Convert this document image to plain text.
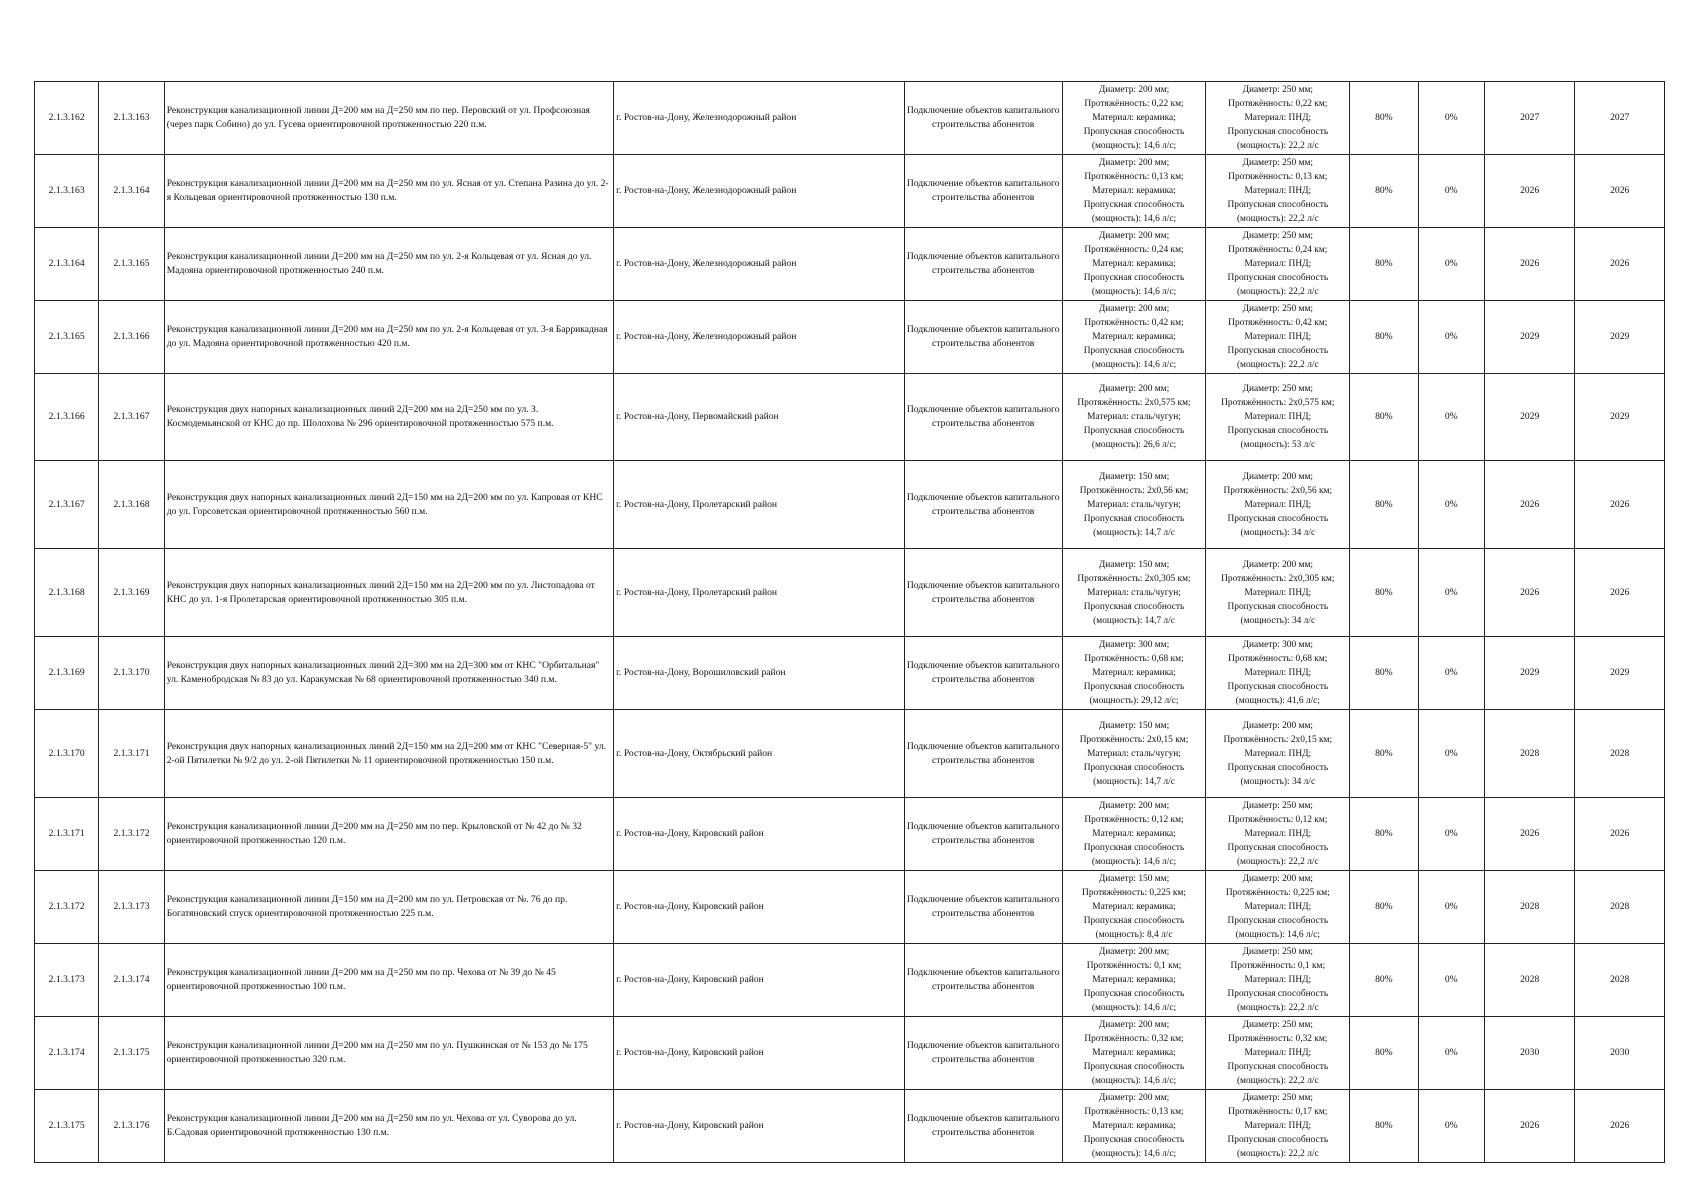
2.1.3.162	2.1.3.163	Реконструкция канализационной линии Д=200 мм на Д=250 мм по пер. Перовский от ул. Профсоюзная (через парк Собино) до ул. Гусева ориентировочной протяженностью 220 п.м.	г. Ростов-на-Дону, Железнодорожный район	Подключение объектов капитального строительства абонентов	Диаметр: 200 мм;
Протяжённость: 0,22 км;
Материал: керамика;
Пропускная способность
(мощность): 14,6 л/с;	Диаметр: 250 мм;
Протяжённость: 0,22 км;
Материал: ПНД;
Пропускная способность
(мощность): 22,2 л/с	80%	0%	2027	2027
2.1.3.163	2.1.3.164	Реконструкция канализационной линии Д=200 мм на Д=250 мм по ул. Ясная от ул. Степана Разина до ул. 2-я Кольцевая ориентировочной протяженностью 130 п.м.	г. Ростов-на-Дону, Железнодорожный район	Подключение объектов капитального строительства абонентов	Диаметр: 200 мм;
Протяжённость: 0,13 км;
Материал: керамика;
Пропускная способность
(мощность): 14,6 л/с;	Диаметр: 250 мм;
Протяжённость: 0,13 км;
Материал: ПНД;
Пропускная способность
(мощность): 22,2 л/с	80%	0%	2026	2026
2.1.3.164	2.1.3.165	Реконструкция канализационной линии Д=200 мм на Д=250 мм по ул. 2-я Кольцевая от ул. Ясная до ул. Мадояна ориентировочной протяженностью 240 п.м.	г. Ростов-на-Дону, Железнодорожный район	Подключение объектов капитального строительства абонентов	Диаметр: 200 мм;
Протяжённость: 0,24 км;
Материал: керамика;
Пропускная способность
(мощность): 14,6 л/с;	Диаметр: 250 мм;
Протяжённость: 0,24 км;
Материал: ПНД;
Пропускная способность
(мощность): 22,2 л/с	80%	0%	2026	2026
2.1.3.165	2.1.3.166	Реконструкция канализационной линии Д=200 мм на Д=250 мм по ул. 2-я Кольцевая от ул. 3-я Баррикадная до ул. Мадояна ориентировочной протяженностью 420 п.м.	г. Ростов-на-Дону, Железнодорожный район	Подключение объектов капитального строительства абонентов	Диаметр: 200 мм;
Протяжённость: 0,42 км;
Материал: керамика;
Пропускная способность
(мощность): 14,6 л/с;	Диаметр: 250 мм;
Протяжённость: 0,42 км;
Материал: ПНД;
Пропускная способность
(мощность): 22,2 л/с	80%	0%	2029	2029
2.1.3.166	2.1.3.167	Реконструкция двух напорных канализационных линий 2Д=200 мм на 2Д=250 мм по ул. З. Космодемьянской от КНС до пр. Шолохова № 296 ориентировочной протяженностью 575 п.м.	г. Ростов-на-Дону, Первомайский район	Подключение объектов капитального строительства абонентов	Диаметр: 200 мм;
Протяжённость: 2х0,575 км;
Материал: сталь/чугун;
Пропускная способность
(мощность): 26,6 л/с;	Диаметр: 250 мм;
Протяжённость: 2х0,575 км;
Материал: ПНД;
Пропускная способность
(мощность): 53 л/с	80%	0%	2029	2029
2.1.3.167	2.1.3.168	Реконструкция двух напорных канализационных линий 2Д=150 мм на 2Д=200 мм по ул. Капровая от КНС до ул. Горсоветская ориентировочной протяженностью 560 п.м.	г. Ростов-на-Дону, Пролетарский район	Подключение объектов капитального строительства абонентов	Диаметр: 150 мм;
Протяжённость: 2х0,56 км;
Материал: сталь/чугун;
Пропускная способность
(мощность): 14,7 л/с	Диаметр: 200 мм;
Протяжённость: 2х0,56 км;
Материал: ПНД;
Пропускная способность
(мощность): 34 л/с	80%	0%	2026	2026
2.1.3.168	2.1.3.169	Реконструкция двух напорных канализационных линий 2Д=150 мм на 2Д=200 мм по ул. Листопадова от КНС до ул. 1-я Пролетарская ориентировочной протяженностью 305 п.м.	г. Ростов-на-Дону, Пролетарский район	Подключение объектов капитального строительства абонентов	Диаметр: 150 мм;
Протяжённость: 2х0,305 км;
Материал: сталь/чугун;
Пропускная способность
(мощность): 14,7 л/с	Диаметр: 200 мм;
Протяжённость: 2х0,305 км;
Материал: ПНД;
Пропускная способность
(мощность): 34 л/с	80%	0%	2026	2026
2.1.3.169	2.1.3.170	Реконструкция двух напорных канализационных линий 2Д=300 мм на 2Д=300 мм от КНС "Орбитальная" ул. Каменобродская № 83 до ул. Каракумская № 68 ориентировочной протяженностью 340 п.м.	г. Ростов-на-Дону, Ворошиловский район	Подключение объектов капитального строительства абонентов	Диаметр: 300 мм;
Протяжённость: 0,68 км;
Материал: керамика;
Пропускная способность
(мощность): 29,12 л/с;	Диаметр: 300 мм;
Протяжённость: 0,68 км;
Материал: ПНД;
Пропускная способность
(мощность): 41,6 л/с;	80%	0%	2029	2029
2.1.3.170	2.1.3.171	Реконструкция двух напорных канализационных линий 2Д=150 мм на 2Д=200 мм от КНС "Северная-5" ул. 2-ой Пятилетки № 9/2 до ул. 2-ой Пятилетки № 11 ориентировочной протяженностью 150 п.м.	г. Ростов-на-Дону, Октябрьский район	Подключение объектов капитального строительства абонентов	Диаметр: 150 мм;
Протяжённость: 2х0,15 км;
Материал: сталь/чугун;
Пропускная способность
(мощность): 14,7 л/с	Диаметр: 200 мм;
Протяжённость: 2х0,15 км;
Материал: ПНД;
Пропускная способность
(мощность): 34 л/с	80%	0%	2028	2028
2.1.3.171	2.1.3.172	Реконструкция канализационной линии Д=200 мм на Д=250 мм по пер. Крыловской от № 42 до № 32 ориентировочной протяженностью 120 п.м.	г. Ростов-на-Дону, Кировский район	Подключение объектов капитального строительства абонентов	Диаметр: 200 мм;
Протяжённость: 0,12 км;
Материал: керамика;
Пропускная способность
(мощность): 14,6 л/с;	Диаметр: 250 мм;
Протяжённость: 0,12 км;
Материал: ПНД;
Пропускная способность
(мощность): 22,2 л/с	80%	0%	2026	2026
2.1.3.172	2.1.3.173	Реконструкция канализационной линии Д=150 мм на Д=200 мм по ул. Петровская от №. 76 до пр. Богатяновский спуск ориентировочной протяженностью 225 п.м.	г. Ростов-на-Дону, Кировский район	Подключение объектов капитального строительства абонентов	Диаметр: 150 мм;
Протяжённость: 0,225 км;
Материал: керамика;
Пропускная способность
(мощность): 8,4 л/с	Диаметр: 200 мм;
Протяжённость: 0,225 км;
Материал: ПНД;
Пропускная способность
(мощность): 14,6 л/с;	80%	0%	2028	2028
2.1.3.173	2.1.3.174	Реконструкция канализационной линии Д=200 мм на Д=250 мм по пр. Чехова от № 39 до № 45 ориентировочной протяженностью 100 п.м.	г. Ростов-на-Дону, Кировский район	Подключение объектов капитального строительства абонентов	Диаметр: 200 мм;
Протяжённость: 0,1 км;
Материал: керамика;
Пропускная способность
(мощность): 14,6 л/с;	Диаметр: 250 мм;
Протяжённость: 0,1 км;
Материал: ПНД;
Пропускная способность
(мощность): 22,2 л/с	80%	0%	2028	2028
2.1.3.174	2.1.3.175	Реконструкция канализационной линии Д=200 мм на Д=250 мм по ул. Пушкинская от № 153 до № 175 ориентировочной протяженностью 320 п.м.	г. Ростов-на-Дону, Кировский район	Подключение объектов капитального строительства абонентов	Диаметр: 200 мм;
Протяжённость: 0,32 км;
Материал: керамика;
Пропускная способность
(мощность): 14,6 л/с;	Диаметр: 250 мм;
Протяжённость: 0,32 км;
Материал: ПНД;
Пропускная способность
(мощность): 22,2 л/с	80%	0%	2030	2030
2.1.3.175	2.1.3.176	Реконструкция канализационной линии Д=200 мм на Д=250 мм по ул. Чехова от ул. Суворова до ул. Б.Садовая ориентировочной протяженностью 130 п.м.	г. Ростов-на-Дону, Кировский район	Подключение объектов капитального строительства абонентов	Диаметр: 200 мм;
Протяжённость: 0,13 км;
Материал: керамика;
Пропускная способность
(мощность): 14,6 л/с;	Диаметр: 250 мм;
Протяжённость: 0,17 км;
Материал: ПНД;
Пропускная способность
(мощность): 22,2 л/с	80%	0%	2026	2026
